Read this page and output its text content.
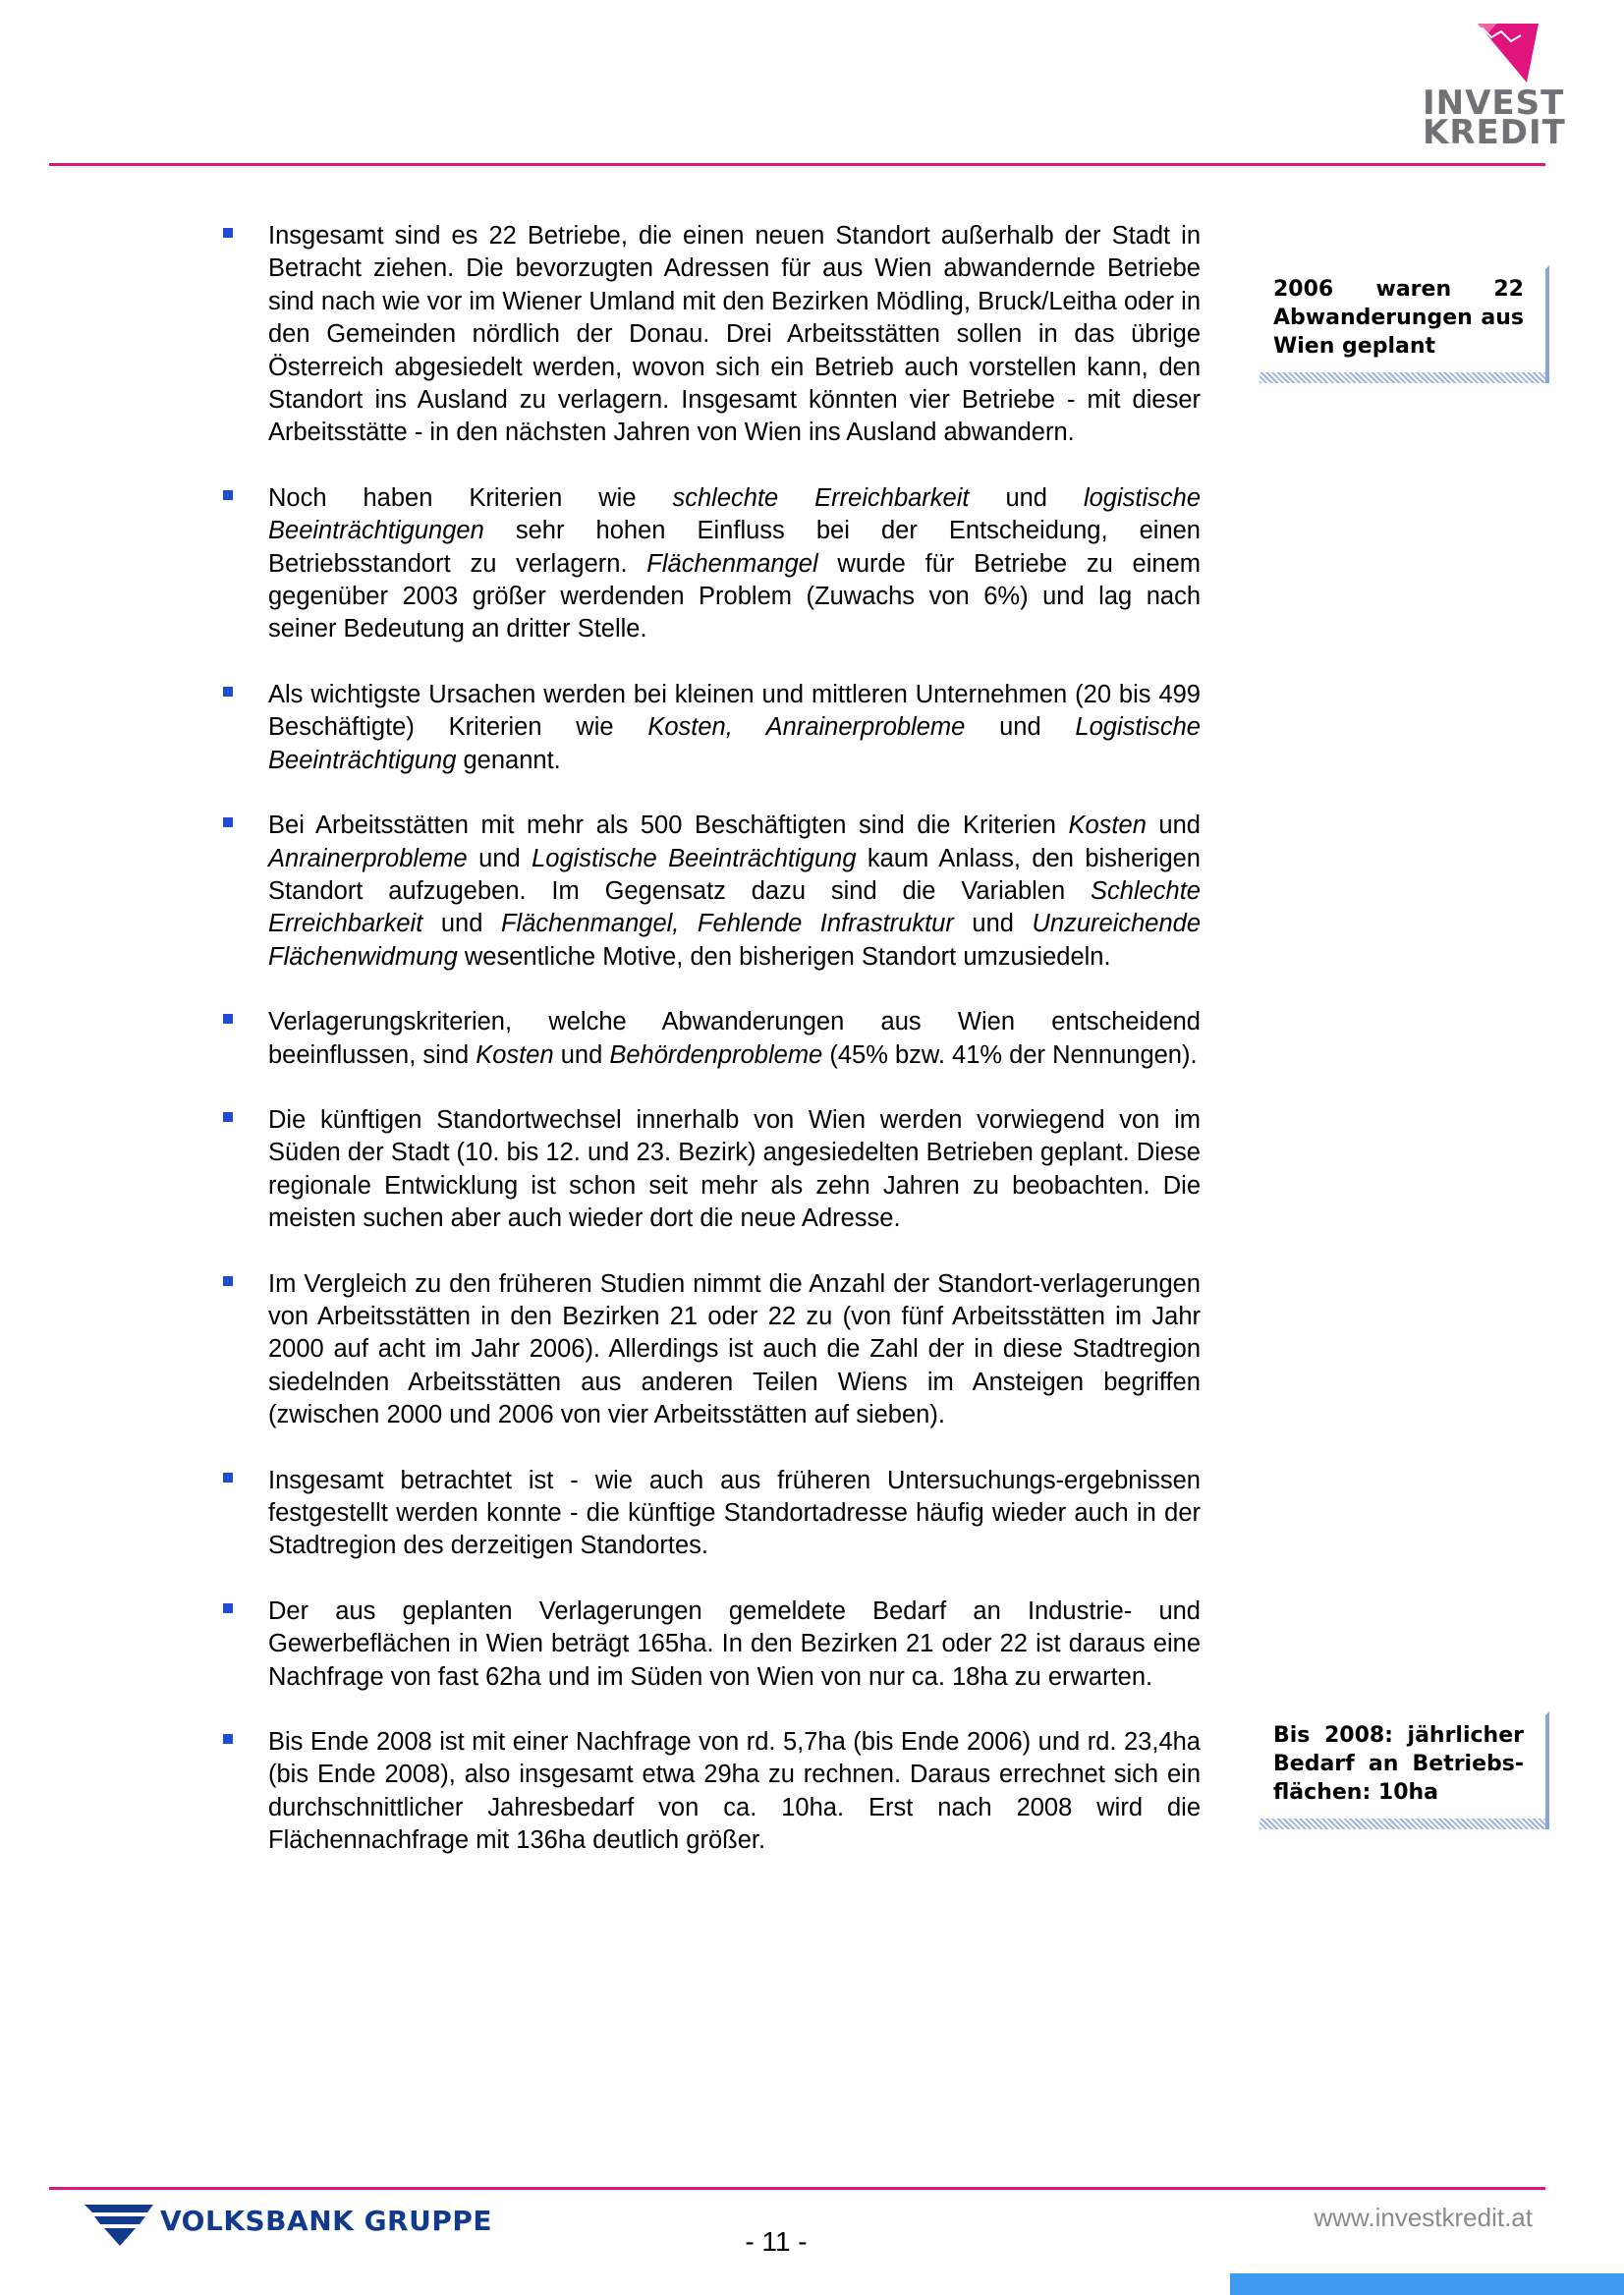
INVEST
KREDIT
Insgesamt sind es 22 Betriebe, die einen neuen Standort außerhalb der Stadt in Betracht ziehen. Die bevorzugten Adressen für aus Wien abwandernde Betriebe sind nach wie vor im Wiener Umland mit den Bezirken Mödling, Bruck/Leitha oder in den Gemeinden nördlich der Donau. Drei Arbeitsstätten sollen in das übrige Österreich abgesiedelt werden, wovon sich ein Betrieb auch vorstellen kann, den Standort ins Ausland zu verlagern. Insgesamt könnten vier Betriebe - mit dieser Arbeitsstätte - in den nächsten Jahren von Wien ins Ausland abwandern.
Noch haben Kriterien wie schlechte Erreichbarkeit und logistische Beeinträchtigungen sehr hohen Einfluss bei der Entscheidung, einen Betriebsstandort zu verlagern. Flächenmangel wurde für Betriebe zu einem gegenüber 2003 größer werdenden Problem (Zuwachs von 6%) und lag nach seiner Bedeutung an dritter Stelle.
Als wichtigste Ursachen werden bei kleinen und mittleren Unternehmen (20 bis 499 Beschäftigte) Kriterien wie Kosten, Anrainerprobleme und Logistische Beeinträchtigung genannt.
Bei Arbeitsstätten mit mehr als 500 Beschäftigten sind die Kriterien Kosten und Anrainerprobleme und Logistische Beeinträchtigung kaum Anlass, den bisherigen Standort aufzugeben. Im Gegensatz dazu sind die Variablen Schlechte Erreichbarkeit und Flächenmangel, Fehlende Infrastruktur und Unzureichende Flächenwidmung wesentliche Motive, den bisherigen Standort umzusiedeln.
Verlagerungskriterien, welche Abwanderungen aus Wien entscheidend beeinflussen, sind Kosten und Behördenprobleme (45% bzw. 41% der Nennungen).
Die künftigen Standortwechsel innerhalb von Wien werden vorwiegend von im Süden der Stadt (10. bis 12. und 23. Bezirk) angesiedelten Betrieben geplant. Diese regionale Entwicklung ist schon seit mehr als zehn Jahren zu beobachten. Die meisten suchen aber auch wieder dort die neue Adresse.
Im Vergleich zu den früheren Studien nimmt die Anzahl der Standort-verlagerungen von Arbeitsstätten in den Bezirken 21 oder 22 zu (von fünf Arbeitsstätten im Jahr 2000 auf acht im Jahr 2006). Allerdings ist auch die Zahl der in diese Stadtregion siedelnden Arbeitsstätten aus anderen Teilen Wiens im Ansteigen begriffen (zwischen 2000 und 2006 von vier Arbeitsstätten auf sieben).
Insgesamt betrachtet ist - wie auch aus früheren Untersuchungs-ergebnissen festgestellt werden konnte - die künftige Standortadresse häufig wieder auch in der Stadtregion des derzeitigen Standortes.
Der aus geplanten Verlagerungen gemeldete Bedarf an Industrie- und Gewerbeflächen in Wien beträgt 165ha. In den Bezirken 21 oder 22 ist daraus eine Nachfrage von fast 62ha und im Süden von Wien von nur ca. 18ha zu erwarten.
Bis Ende 2008 ist mit einer Nachfrage von rd. 5,7ha (bis Ende 2006) und rd. 23,4ha (bis Ende 2008), also insgesamt etwa 29ha zu rechnen. Daraus errechnet sich ein durchschnittlicher Jahresbedarf von ca. 10ha. Erst nach 2008 wird die Flächennachfrage mit 136ha deutlich größer.
2006 waren 22 Abwanderungen aus Wien geplant
Bis 2008: jährlicher Bedarf an Betriebs-flächen: 10ha
VOLKSBANK GRUPPE
- 11 -
www.investkredit.at
